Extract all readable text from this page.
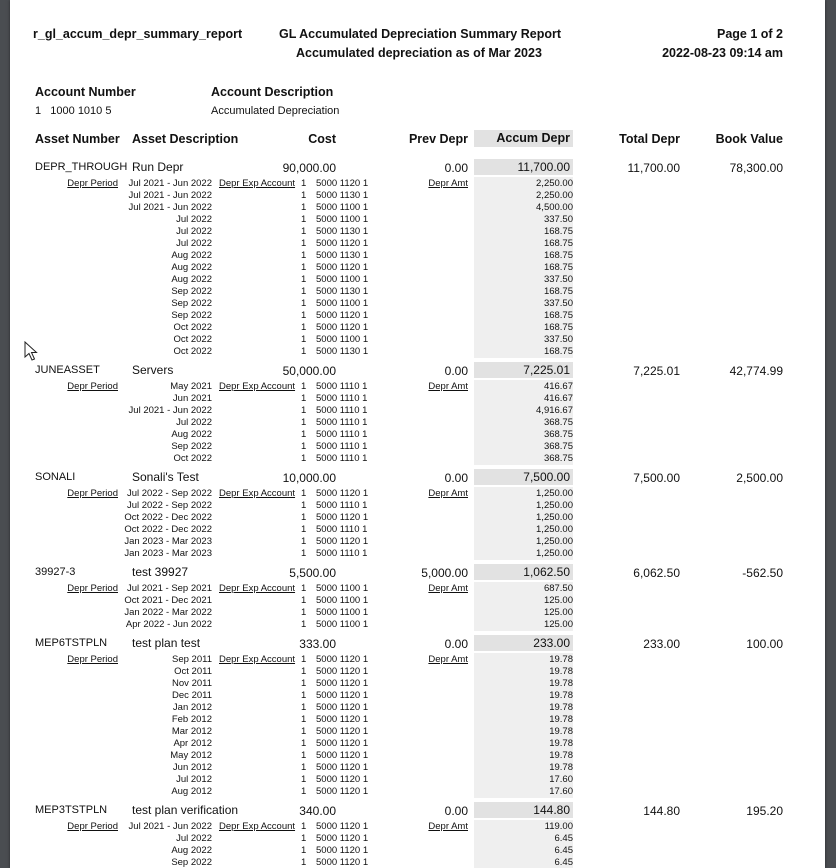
r_gl_accum_depr_summary_report	GL Accumulated Depreciation Summary Report
Accumulated depreciation as of Mar 2023
Page 1 of 2
2022-08-23 09:14 am
Account Number	Account Description
1   1000 1010 5	Accumulated Depreciation
Asset Number Asset Description	Cost	Prev Depr	Accum Depr	Total Depr	Book Value
DEPR_THROUGH Run Depr	90,000.00	0.00	11,700.00	11,700.00	78,300.00
Depr Period	Depr Exp Account	Depr Amt
Jul 2021 - Jun 2022	1 5000 1120 1	2,250.00
Jul 2021 - Jun 2022	1 5000 1130 1	2,250.00
Jul 2021 - Jun 2022	1 5000 1100 1	4,500.00
Jul 2022	1 5000 1100 1	337.50
Jul 2022	1 5000 1130 1	168.75
Jul 2022	1 5000 1120 1	168.75
Aug 2022	1 5000 1130 1	168.75
Aug 2022	1 5000 1120 1	168.75
Aug 2022	1 5000 1100 1	337.50
Sep 2022	1 5000 1130 1	168.75
Sep 2022	1 5000 1100 1	337.50
Sep 2022	1 5000 1120 1	168.75
Oct 2022	1 5000 1120 1	168.75
Oct 2022	1 5000 1100 1	337.50
Oct 2022	1 5000 1130 1	168.75
JUNEASSET	Servers	50,000.00	0.00	7,225.01	7,225.01	42,774.99
Depr Period	Depr Exp Account	Depr Amt
May 2021	1 5000 1110 1	416.67
Jun 2021	1 5000 1110 1	416.67
Jul 2021 - Jun 2022	1 5000 1110 1	4,916.67
Jul 2022	1 5000 1110 1	368.75
Aug 2022	1 5000 1110 1	368.75
Sep 2022	1 5000 1110 1	368.75
Oct 2022	1 5000 1110 1	368.75
SONALI	Sonali's Test	10,000.00	0.00	7,500.00	7,500.00	2,500.00
Depr Period	Depr Exp Account	Depr Amt
Jul 2022 - Sep 2022	1 5000 1120 1	1,250.00
Jul 2022 - Sep 2022	1 5000 1110 1	1,250.00
Oct 2022 - Dec 2022	1 5000 1120 1	1,250.00
Oct 2022 - Dec 2022	1 5000 1110 1	1,250.00
Jan 2023 - Mar 2023	1 5000 1120 1	1,250.00
Jan 2023 - Mar 2023	1 5000 1110 1	1,250.00
39927-3	test 39927	5,500.00	5,000.00	1,062.50	6,062.50	-562.50
Depr Period	Depr Exp Account	Depr Amt
Jul 2021 - Sep 2021	1 5000 1100 1	687.50
Oct 2021 - Dec 2021	1 5000 1100 1	125.00
Jan 2022 - Mar 2022	1 5000 1100 1	125.00
Apr 2022 - Jun 2022	1 5000 1100 1	125.00
MEP6TSTPLN test plan test	333.00	0.00	233.00	233.00	100.00
Depr Period	Depr Exp Account	Depr Amt
Sep 2011	1 5000 1120 1	19.78
Oct 2011	1 5000 1120 1	19.78
Nov 2011	1 5000 1120 1	19.78
Dec 2011	1 5000 1120 1	19.78
Jan 2012	1 5000 1120 1	19.78
Feb 2012	1 5000 1120 1	19.78
Mar 2012	1 5000 1120 1	19.78
Apr 2012	1 5000 1120 1	19.78
May 2012	1 5000 1120 1	19.78
Jun 2012	1 5000 1120 1	19.78
Jul 2012	1 5000 1120 1	17.60
Aug 2012	1 5000 1120 1	17.60
MEP3TSTPLN test plan verification	340.00	0.00	144.80	144.80	195.20
Depr Period	Depr Exp Account	Depr Amt
Jul 2021 - Jun 2022	1 5000 1120 1	119.00
Jul 2022	1 5000 1120 1	6.45
Aug 2022	1 5000 1120 1	6.45
Sep 2022	1 5000 1120 1	6.45
